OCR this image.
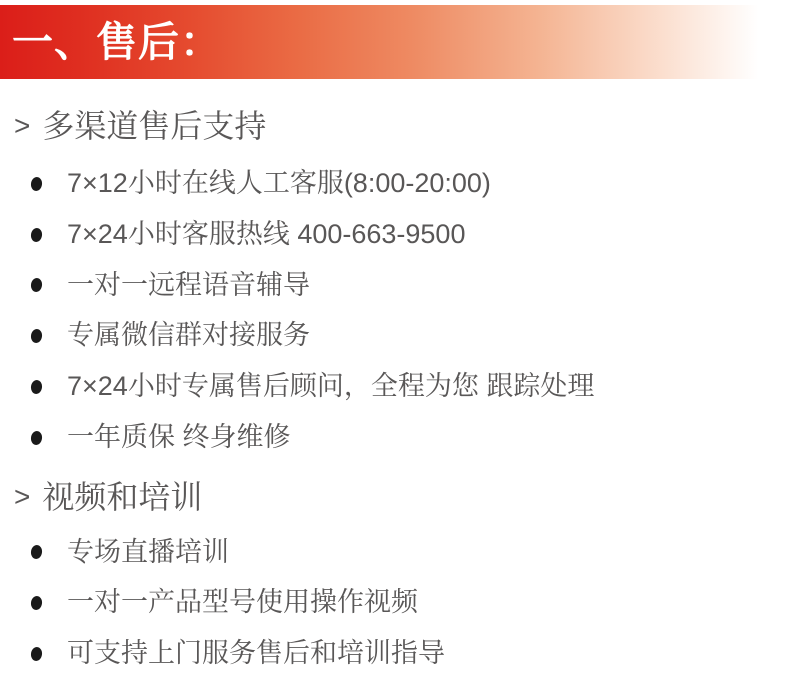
一、售后：
> 多渠道售后支持
7×12小时在线人工客服(8:00-20:00)
7×24小时客服热线 400-663-9500
一对一远程语音辅导
专属微信群对接服务
7×24小时专属售后顾问，全程为您 跟踪处理
一年质保 终身维修
> 视频和培训
专场直播培训
一对一产品型号使用操作视频
可支持上门服务售后和培训指导
